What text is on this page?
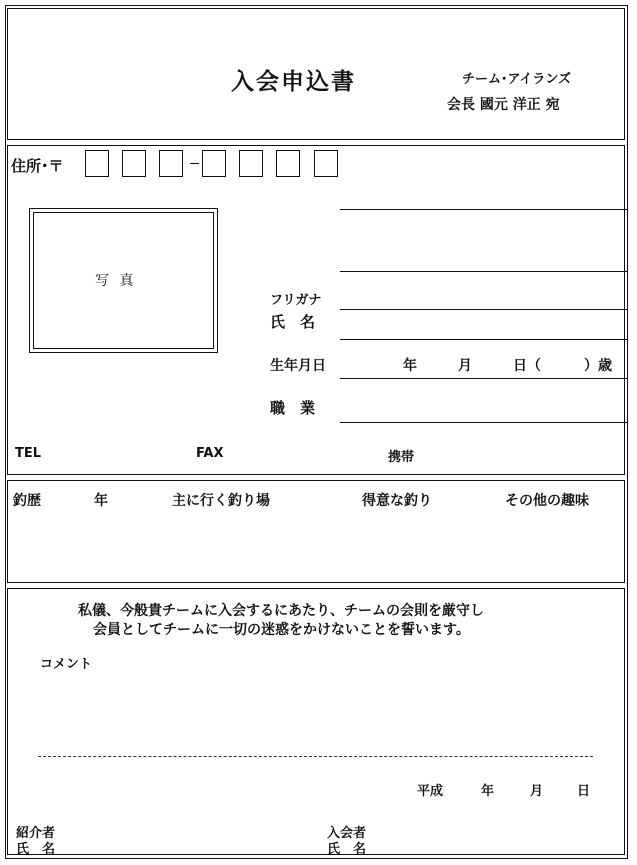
入会申込書	チーム･アイランズ
会長 國元 洋正 宛
住所･〒
写 真
フリガナ
氏　名
生年月日	年	月	日（	）歳
職　業
TEL	FAX	携帯
釣歴	年	主に行く釣り場	得意な釣り	その他の趣味
私儀、今般貴チームに入会するにあたり、チームの会則を厳守し
会員としてチームに一切の迷惑をかけないことを誓います。
コメント
平成	年	月	日
紹介者
氏　名
入会者
氏　名
